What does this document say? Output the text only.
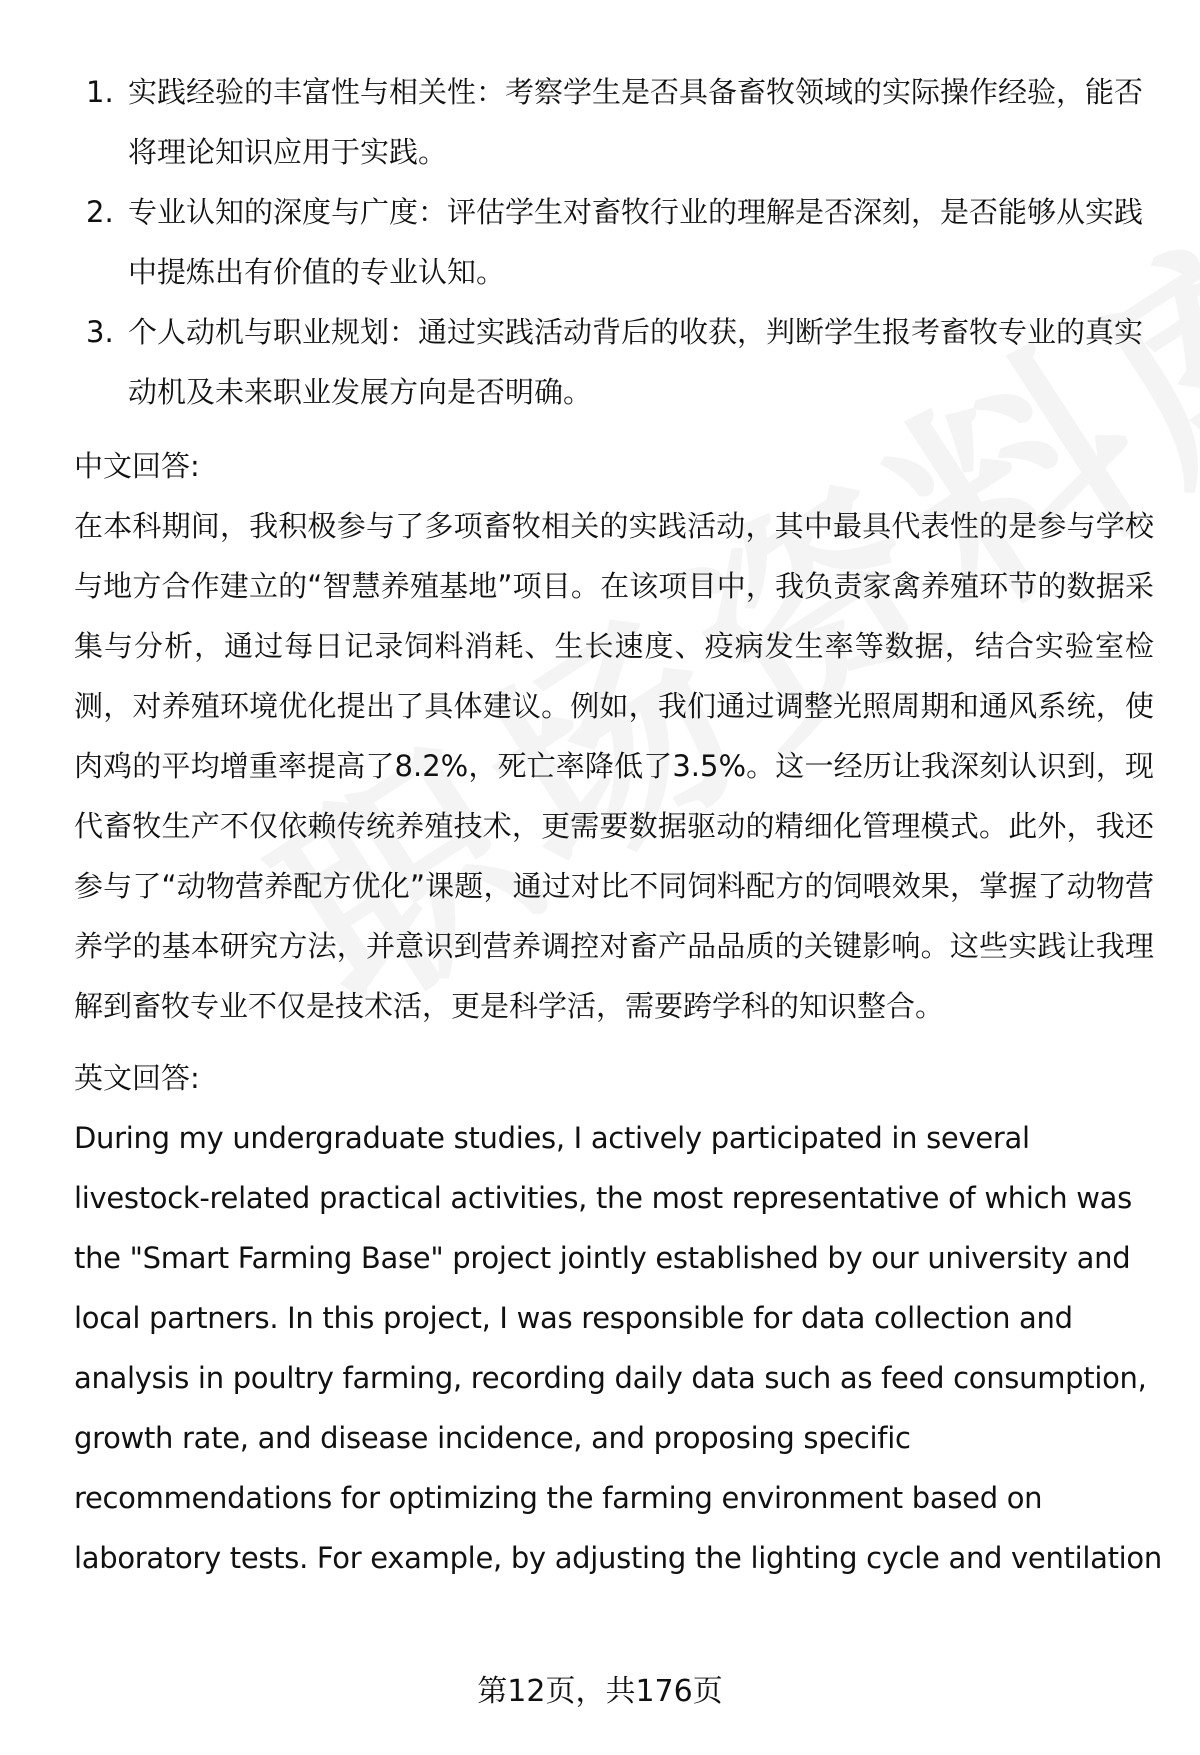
1. 实践经验的丰富性与相关性：考察学生是否具备畜牧领域的实际操作经验，能否将理论知识应用于实践。
2. 专业认知的深度与广度：评估学生对畜牧行业的理解是否深刻，是否能够从实践中提炼出有价值的专业认知。
3. 个人动机与职业规划：通过实践活动背后的收获，判断学生报考畜牧专业的真实动机及未来职业发展方向是否明确。

中文回答:

在本科期间，我积极参与了多项畜牧相关的实践活动，其中最具代表性的是参与学校与地方合作建立的“智慧养殖基地”项目。在该项目中，我负责家禽养殖环节的数据采集与分析，通过每日记录饲料消耗、生长速度、疫病发生率等数据，结合实验室检测，对养殖环境优化提出了具体建议。例如，我们通过调整光照周期和通风系统，使肉鸡的平均增重率提高了8.2%，死亡率降低了3.5%。这一经历让我深刻认识到，现代畜牧生产不仅依赖传统养殖技术，更需要数据驱动的精细化管理模式。此外，我还参与了“动物营养配方优化”课题，通过对比不同饲料配方的饲喂效果，掌握了动物营养学的基本研究方法，并意识到营养调控对畜产品品质的关键影响。这些实践让我理解到畜牧专业不仅是技术活，更是科学活，需要跨学科的知识整合。

英文回答:

During my undergraduate studies, I actively participated in several livestock-related practical activities, the most representative of which was the "Smart Farming Base" project jointly established by our university and local partners. In this project, I was responsible for data collection and analysis in poultry farming, recording daily data such as feed consumption, growth rate, and disease incidence, and proposing specific recommendations for optimizing the farming environment based on laboratory tests. For example, by adjusting the lighting cycle and ventilation

第12页，共176页
